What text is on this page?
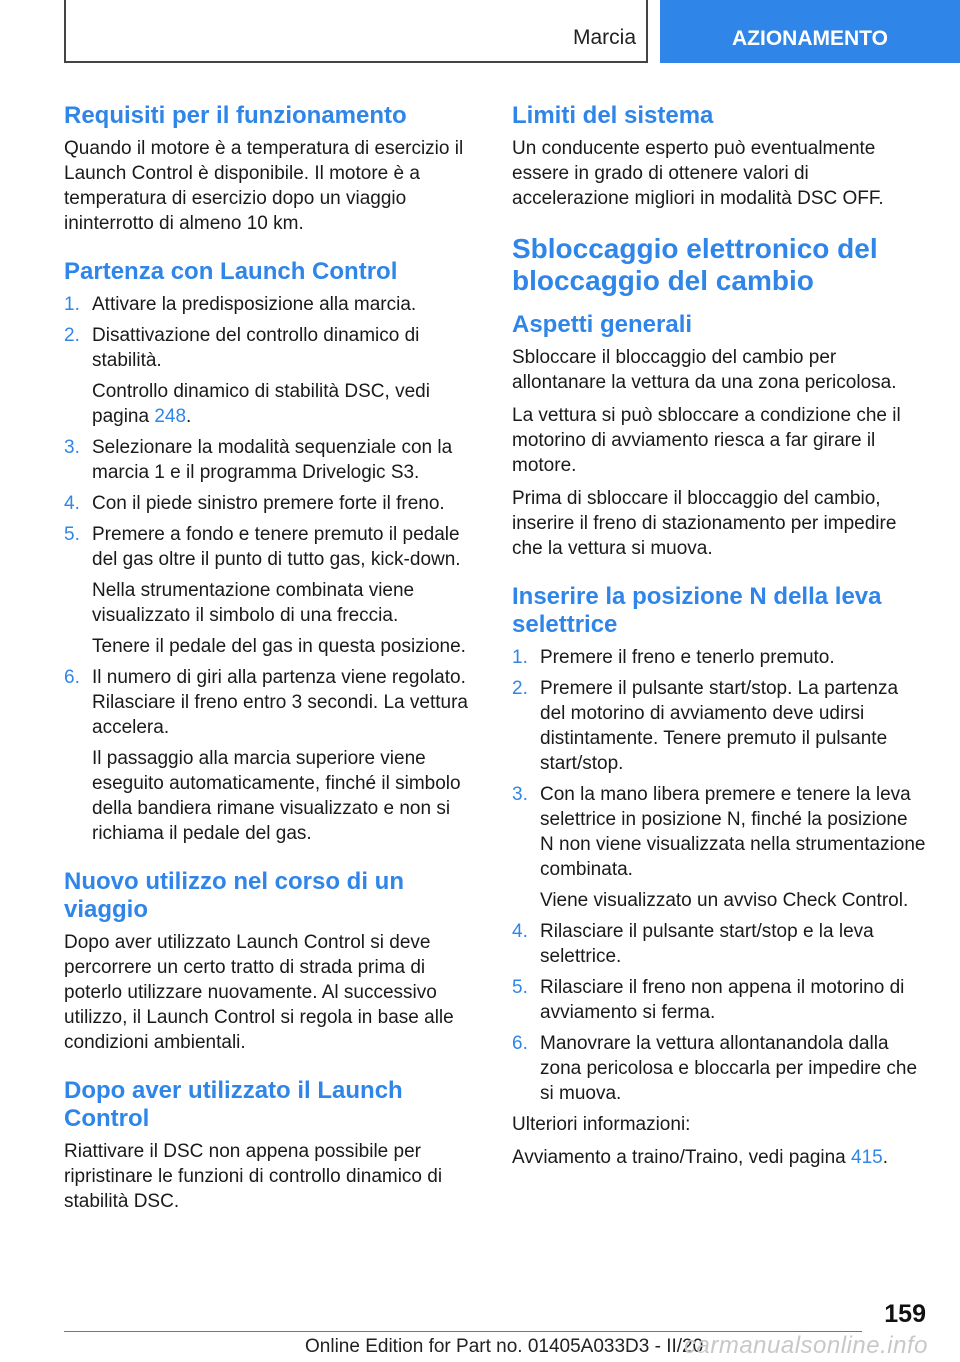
Marcia	AZIONAMENTO
Requisiti per il funzionamento

Quando il motore è a temperatura di esercizio il Launch Control è disponibile. Il motore è a temperatura di esercizio dopo un viaggio ininterrotto di almeno 10 km.

Partenza con Launch Control
1. Attivare la predisposizione alla marcia.
2. Disattivazione del controllo dinamico di stabilità.
Controllo dinamico di stabilità DSC, vedi pagina 248.
3. Selezionare la modalità sequenziale con la marcia 1 e il programma Drivelogic S3.
4. Con il piede sinistro premere forte il freno.
5. Premere a fondo e tenere premuto il pedale del gas oltre il punto di tutto gas, kick-down.
Nella strumentazione combinata viene visualizzato il simbolo di una freccia.
Tenere il pedale del gas in questa posizione.
6. Il numero di giri alla partenza viene regolato. Rilasciare il freno entro 3 secondi. La vettura accelera.
Il passaggio alla marcia superiore viene eseguito automaticamente, finché il simbolo della bandiera rimane visualizzato e non si richiama il pedale del gas.
Nuovo utilizzo nel corso di un viaggio

Dopo aver utilizzato Launch Control si deve percorrere un certo tratto di strada prima di poterlo utilizzare nuovamente. Al successivo utilizzo, il Launch Control si regola in base alle condizioni ambientali.

Dopo aver utilizzato il Launch Control

Riattivare il DSC non appena possibile per ripristinare le funzioni di controllo dinamico di stabilità DSC.

Limiti del sistema

Un conducente esperto può eventualmente essere in grado di ottenere valori di accelerazione migliori in modalità DSC OFF.

Sbloccaggio elettronico del bloccaggio del cambio
Aspetti generali

Sbloccare il bloccaggio del cambio per allontanare la vettura da una zona pericolosa.

La vettura si può sbloccare a condizione che il motorino di avviamento riesca a far girare il motore.

Prima di sbloccare il bloccaggio del cambio, inserire il freno di stazionamento per impedire che la vettura si muova.

Inserire la posizione N della leva selettrice
1. Premere il freno e tenerlo premuto.
2. Premere il pulsante start/stop. La partenza del motorino di avviamento deve udirsi distintamente. Tenere premuto il pulsante start/stop.
3. Con la mano libera premere e tenere la leva selettrice in posizione N, finché la posizione N non viene visualizzata nella strumentazione combinata.
Viene visualizzato un avviso Check Control.
4. Rilasciare il pulsante start/stop e la leva selettrice.
5. Rilasciare il freno non appena il motorino di avviamento si ferma.
6. Manovrare la vettura allontanandola dalla zona pericolosa e bloccarla per impedire che si muova.

Ulteriori informazioni:

Avviamento a traino/Traino, vedi pagina 415.

159
Online Edition for Part no. 01405A033D3 - II/20
carmanualsonline.info
